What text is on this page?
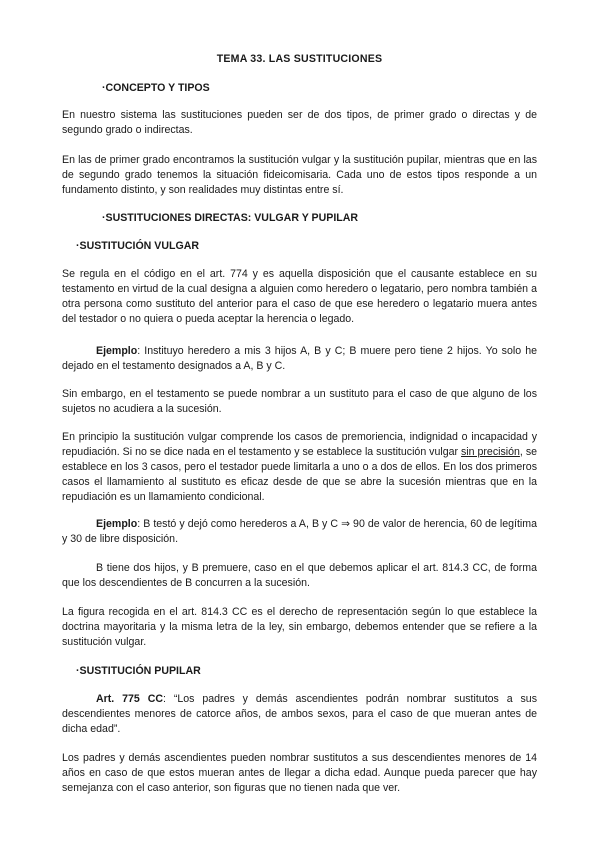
TEMA 33. LAS SUSTITUCIONES
·CONCEPTO Y TIPOS

En nuestro sistema las sustituciones pueden ser de dos tipos, de primer grado o directas y de segundo grado o indirectas.

En las de primer grado encontramos la sustitución vulgar y la sustitución pupilar, mientras que en las de segundo grado tenemos la situación fideicomisaria. Cada uno de estos tipos responde a un fundamento distinto, y son realidades muy distintas entre sí.

·SUSTITUCIONES DIRECTAS: VULGAR Y PUPILAR
·SUSTITUCIÓN VULGAR

Se regula en el código en el art. 774 y es aquella disposición que el causante establece en su testamento en virtud de la cual designa a alguien como heredero o legatario, pero nombra también a otra persona como sustituto del anterior para el caso de que ese heredero o legatario muera antes del testador o no quiera o pueda aceptar la herencia o legado.

Ejemplo: Instituyo heredero a mis 3 hijos A, B y C; B muere pero tiene 2 hijos. Yo solo he dejado en el testamento designados a A, B y C.

Sin embargo, en el testamento se puede nombrar a un sustituto para el caso de que alguno de los sujetos no acudiera a la sucesión.

En principio la sustitución vulgar comprende los casos de premoriencia, indignidad o incapacidad y repudiación. Si no se dice nada en el testamento y se establece la sustitución vulgar sin precisión, se establece en los 3 casos, pero el testador puede limitarla a uno o a dos de ellos. En los dos primeros casos el llamamiento al sustituto es eficaz desde de que se abre la sucesión mientras que en la repudiación es un llamamiento condicional.

Ejemplo: B testó y dejó como herederos a A, B y C ⇒ 90 de valor de herencia, 60 de legítima y 30 de libre disposición.

B tiene dos hijos, y B premuere, caso en el que debemos aplicar el art. 814.3 CC, de forma que los descendientes de B concurren a la sucesión.

La figura recogida en el art. 814.3 CC es el derecho de representación según lo que establece la doctrina mayoritaria y la misma letra de la ley, sin embargo, debemos entender que se refiere a la sustitución vulgar.

·SUSTITUCIÓN PUPILAR

Art. 775 CC: “Los padres y demás ascendientes podrán nombrar sustitutos a sus descendientes menores de catorce años, de ambos sexos, para el caso de que mueran antes de dicha edad”.

Los padres y demás ascendientes pueden nombrar sustitutos a sus descendientes menores de 14 años en caso de que estos mueran antes de llegar a dicha edad. Aunque pueda parecer que hay semejanza con el caso anterior, son figuras que no tienen nada que ver.
